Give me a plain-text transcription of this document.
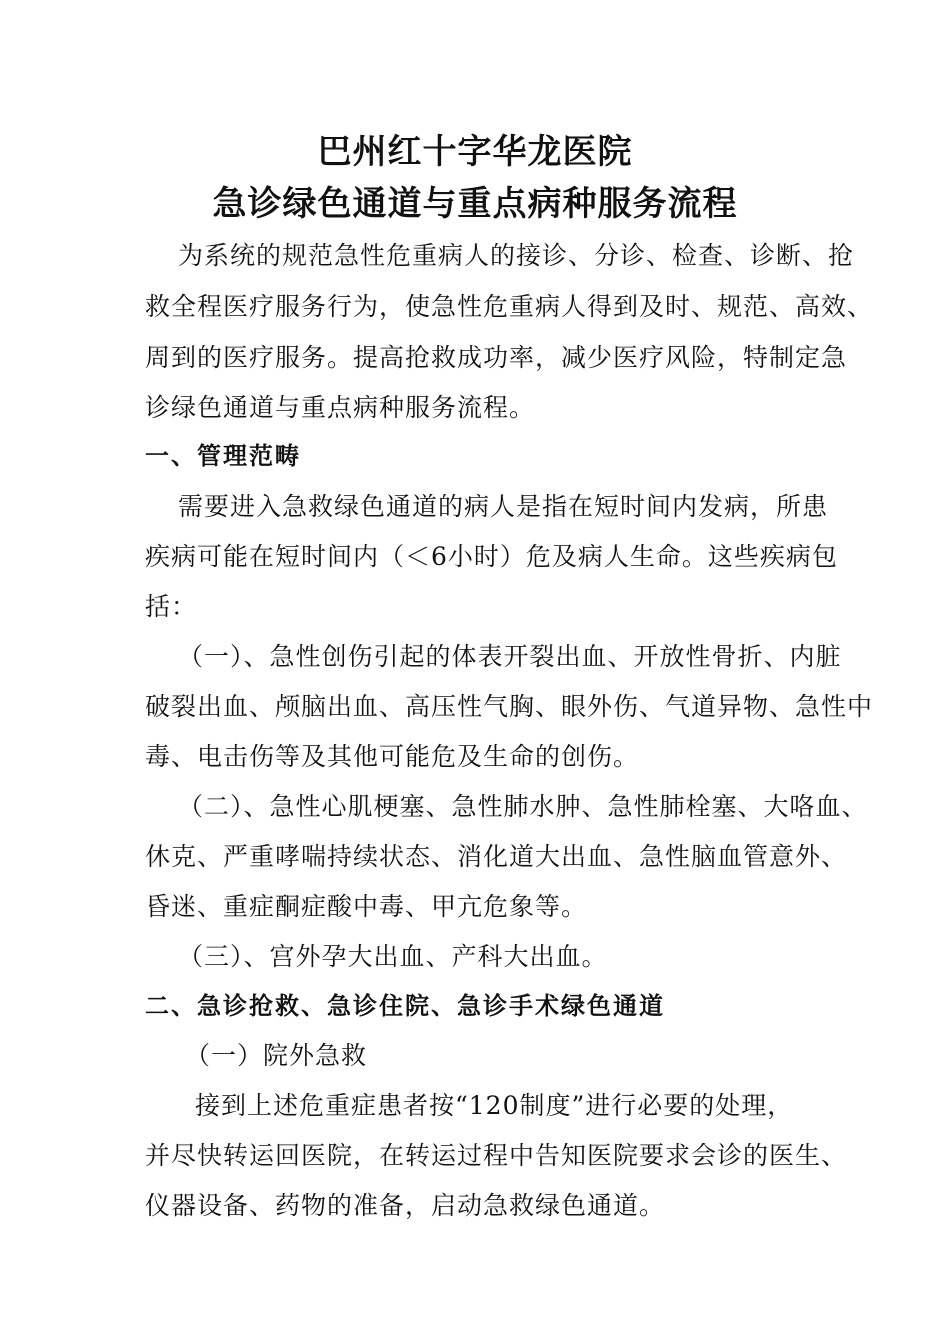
巴州红十字华龙医院
急诊绿色通道与重点病种服务流程
为系统的规范急性危重病人的接诊、分诊、检查、诊断、抢
救全程医疗服务行为，使急性危重病人得到及时、规范、高效、
周到的医疗服务。提高抢救成功率，减少医疗风险，特制定急
诊绿色通道与重点病种服务流程。
一、管理范畴
需要进入急救绿色通道的病人是指在短时间内发病，所患
疾病可能在短时间内（＜6小时）危及病人生命。这些疾病包
括：
（一）、急性创伤引起的体表开裂出血、开放性骨折、内脏
破裂出血、颅脑出血、高压性气胸、眼外伤、气道异物、急性中
毒、电击伤等及其他可能危及生命的创伤。
（二）、急性心肌梗塞、急性肺水肿、急性肺栓塞、大咯血、
休克、严重哮喘持续状态、消化道大出血、急性脑血管意外、
昏迷、重症酮症酸中毒、甲亢危象等。
（三）、宫外孕大出血、产科大出血。
二、急诊抢救、急诊住院、急诊手术绿色通道
（一）院外急救
接到上述危重症患者按“120制度”进行必要的处理，
并尽快转运回医院，在转运过程中告知医院要求会诊的医生、
仪器设备、药物的准备，启动急救绿色通道。
